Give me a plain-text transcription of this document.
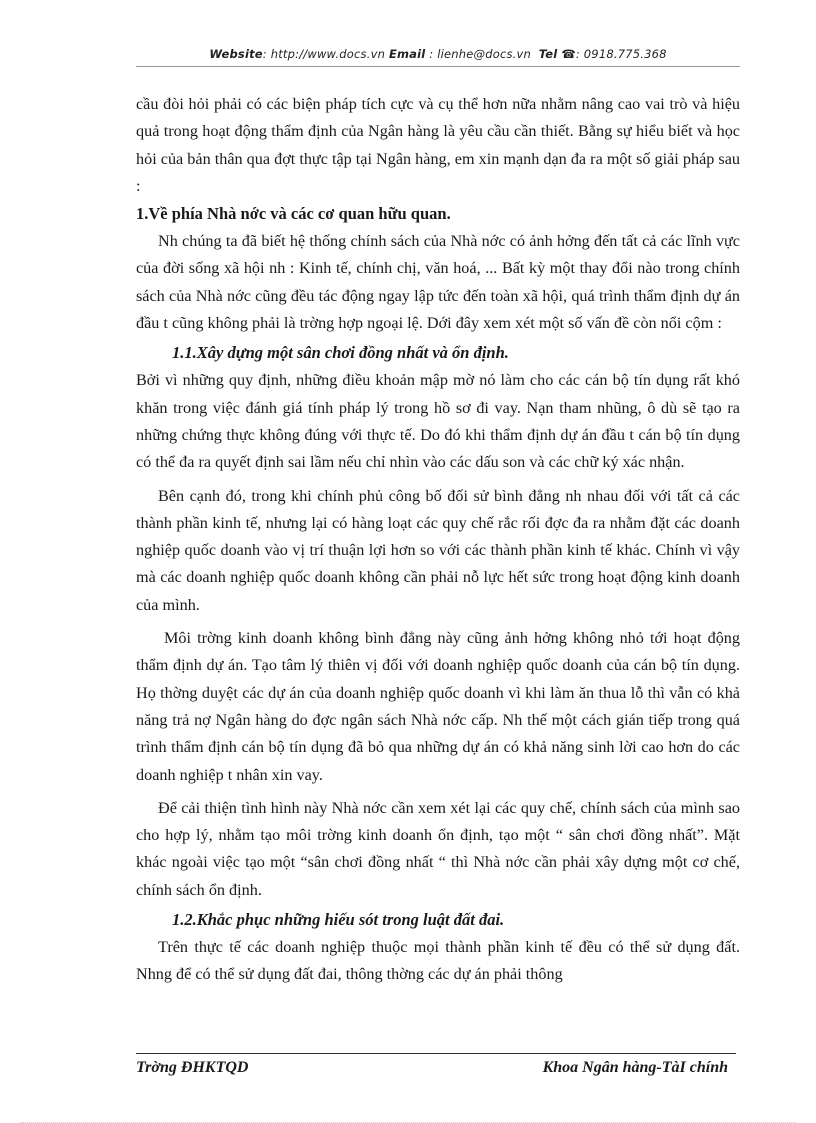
Website: http://www.docs.vn Email : lienhe@docs.vn Tel ☎: 0918.775.368

cầu đòi hỏi phải có các biện pháp tích cực và cụ thể hơn nữa nhằm nâng cao vai trò và hiệu quả trong hoạt động thẩm định của Ngân hàng là yêu cầu cần thiết. Bằng sự hiểu biết và học hỏi của bản thân qua đợt thực tập tại Ngân hàng, em xin mạnh dạn đa ra một số giải pháp sau :

1.Về phía Nhà nớc và các cơ quan hữu quan.

Nh chúng ta đã biết hệ thống chính sách của Nhà nớc có ảnh hởng đến tất cả các lĩnh vực của đời sống xã hội nh : Kinh tế, chính chị, văn hoá, ... Bất kỳ một thay đổi nào trong chính sách của Nhà nớc cũng đều tác động ngay lập tức đến toàn xã hội, quá trình thẩm định dự án đầu t cũng không phải là trờng hợp ngoại lệ. Dới đây xem xét một số vấn đề còn nổi cộm :

1.1.Xây dựng một sân chơi đồng nhất và ổn định.

Bởi vì những quy định, những điều khoản mập mờ nó làm cho các cán bộ tín dụng rất khó khăn trong việc đánh giá tính pháp lý trong hồ sơ đi vay. Nạn tham nhũng, ô dù sẽ tạo ra những chứng thực không đúng với thực tế. Do đó khi thẩm định dự án đầu t cán bộ tín dụng có thể đa ra quyết định sai lầm nếu chỉ nhìn vào các dấu son và các chữ ký xác nhận.

Bên cạnh đó, trong khi chính phủ công bố đối sử bình đẳng nh nhau đối với tất cả các thành phần kinh tế, nhưng lại có hàng loạt các quy chế rắc rối đợc đa ra nhằm đặt các doanh nghiệp quốc doanh vào vị trí thuận lợi hơn so với các thành phần kinh tế khác. Chính vì vậy mà các doanh nghiệp quốc doanh không cần phải nỗ lực hết sức trong hoạt động kinh doanh của mình.

Môi trờng kinh doanh không bình đẳng này cũng ảnh hởng không nhỏ tới hoạt động thẩm định dự án. Tạo tâm lý thiên vị đối với doanh nghiệp quốc doanh của cán bộ tín dụng. Họ thờng duyệt các dự án của doanh nghiệp quốc doanh vì khi làm ăn thua lỗ thì vẫn có khả năng trả nợ Ngân hàng do đợc ngân sách Nhà nớc cấp. Nh thế một cách gián tiếp trong quá trình thẩm định cán bộ tín dụng đã bỏ qua những dự án có khả năng sinh lời cao hơn do các doanh nghiệp t nhân xin vay.

Để cải thiện tình hình này Nhà nớc cần xem xét lại các quy chế, chính sách của mình sao cho hợp lý, nhằm tạo môi trờng kinh doanh ổn định, tạo một “ sân chơi đồng nhất”. Mặt khác ngoài việc tạo một “sân chơi đồng nhất “ thì Nhà nớc cần phải xây dựng một cơ chế, chính sách ổn định.

1.2.Khắc phục những hiếu sót trong luật đất đai.

Trên thực tế các doanh nghiệp thuộc mọi thành phần kinh tế đều có thể sử dụng đất. Nhng để có thể sử dụng đất đai, thông thờng các dự án phải thông

Trờng ĐHKTQD	Khoa Ngân hàng-TàI chính
